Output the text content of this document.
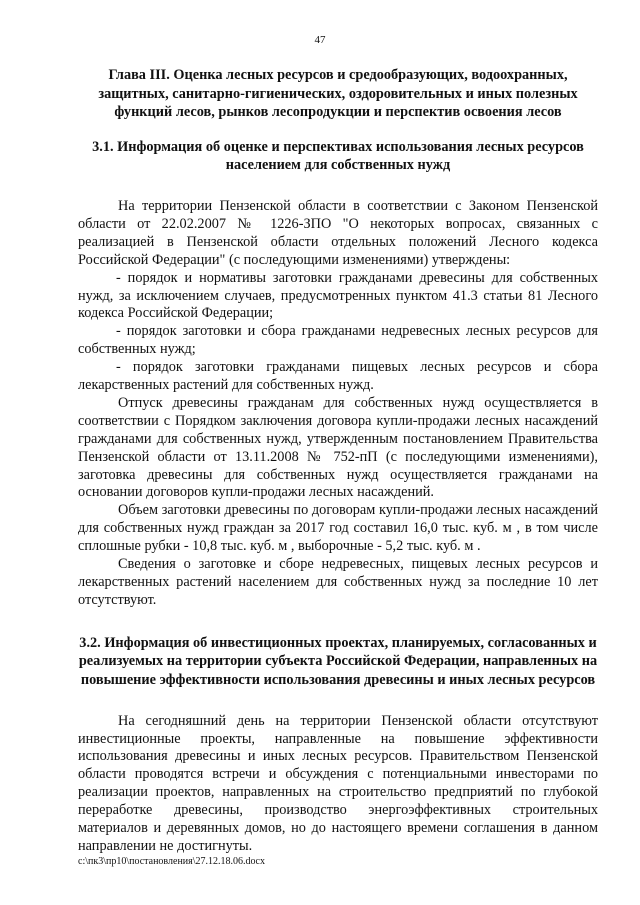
47
Глава III. Оценка лесных ресурсов и средообразующих, водоохранных, защитных, санитарно-гигиенических, оздоровительных и иных полезных функций лесов, рынков лесопродукции и перспектив освоения лесов
3.1. Информация об оценке и перспективах использования лесных ресурсов населением для собственных нужд

На территории Пензенской области в соответствии с Законом Пензенской области от 22.02.2007 № 1226-ЗПО "О некоторых вопросах, связанных с реализацией в Пензенской области отдельных положений Лесного кодекса Российской Федерации" (с последующими изменениями) утверждены:

- порядок и нормативы заготовки гражданами древесины для собственных нужд, за исключением случаев, предусмотренных пунктом 41.3 статьи 81 Лесного кодекса Российской Федерации;

- порядок заготовки и сбора гражданами недревесных лесных ресурсов для собственных нужд;

- порядок заготовки гражданами пищевых лесных ресурсов и сбора лекарственных растений для собственных нужд.

Отпуск древесины гражданам для собственных нужд осуществляется в соответствии с Порядком заключения договора купли-продажи лесных насаждений гражданами для собственных нужд, утвержденным постановлением Правительства Пензенской области от 13.11.2008 № 752-пП (с последующими изменениями), заготовка древесины для собственных нужд осуществляется гражданами на основании договоров купли-продажи лесных насаждений.

Объем заготовки древесины по договорам купли-продажи лесных насаждений для собственных нужд граждан за 2017 год составил 16,0 тыс. куб. м , в том числе сплошные рубки - 10,8 тыс. куб. м , выборочные - 5,2 тыс. куб. м .

Сведения о заготовке и сборе недревесных, пищевых лесных ресурсов и лекарственных растений населением для собственных нужд за последние 10 лет отсутствуют.

3.2. Информация об инвестиционных проектах, планируемых, согласованных и реализуемых на территории субъекта Российской Федерации, направленных на повышение эффективности использования древесины и иных лесных ресурсов

На сегодняшний день на территории Пензенской области отсутствуют инвестиционные проекты, направленные на повышение эффективности использования древесины и иных лесных ресурсов. Правительством Пензенской области проводятся встречи и обсуждения с потенциальными инвесторами по реализации проектов, направленных на строительство предприятий по глубокой переработке древесины, производство энергоэффективных строительных материалов и деревянных домов, но до настоящего времени соглашения в данном направлении не достигнуты.

c:\пк3\пр10\постановления\27.12.18.06.docx
